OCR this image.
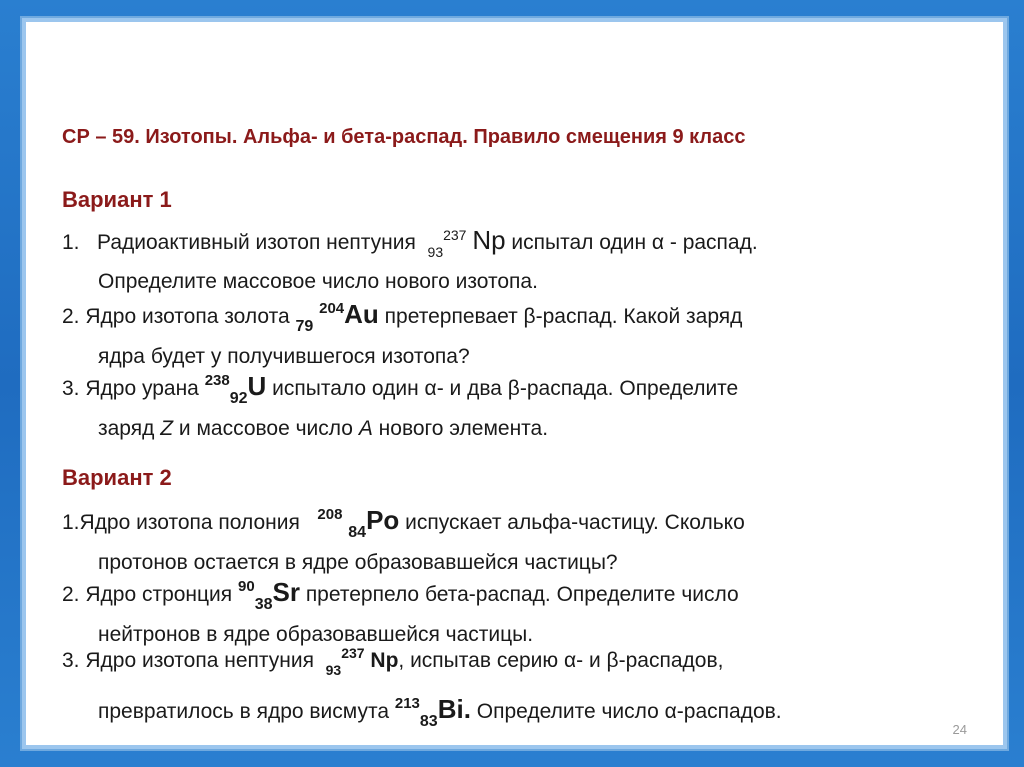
СР – 59. Изотопы. Альфа- и бета-распад. Правило смещения 9 класс
Вариант 1
1. Радиоактивный изотоп нептуния $_{93}^{237}$ Np испытал один α - распад.
Определите массовое число нового изотопа.
2. Ядро изотопа золота $_{79}$ $^{204}$Au претерпевает β-распад. Какой заряд
ядра будет у получившегося изотопа?
3. Ядро урана $^{238}_{92}$U испытало один α- и два β-распада. Определите
заряд Z и массовое число A нового элемента.
Вариант 2
1.Ядро изотопа полония $^{208}$ $_{84}$Po испускает альфа-частицу. Сколько
протонов остается в ядре образовавшейся частицы?
2. Ядро стронция $^{90}_{38}$Sr претерпело бета-распад. Определите число
нейтронов в ядре образовавшейся частицы.
3. Ядро изотопа нептуния $_{93}^{237}$ Np, испытав серию α- и β-распадов,
превратилось в ядро висмута $^{213}_{83}$Bi. Определите число α-распадов.
24
